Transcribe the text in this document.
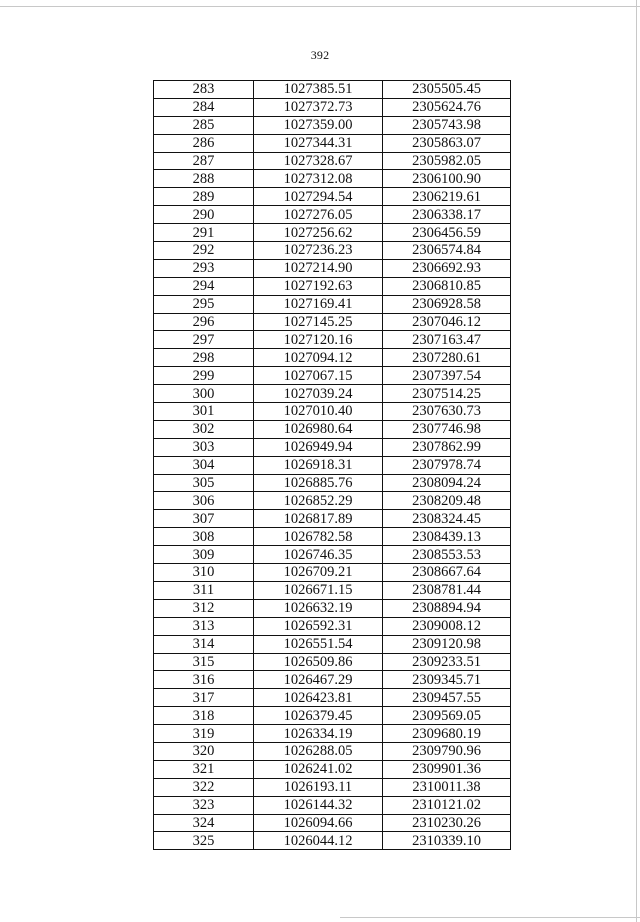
392
283	1027385.51	2305505.45
284	1027372.73	2305624.76
285	1027359.00	2305743.98
286	1027344.31	2305863.07
287	1027328.67	2305982.05
288	1027312.08	2306100.90
289	1027294.54	2306219.61
290	1027276.05	2306338.17
291	1027256.62	2306456.59
292	1027236.23	2306574.84
293	1027214.90	2306692.93
294	1027192.63	2306810.85
295	1027169.41	2306928.58
296	1027145.25	2307046.12
297	1027120.16	2307163.47
298	1027094.12	2307280.61
299	1027067.15	2307397.54
300	1027039.24	2307514.25
301	1027010.40	2307630.73
302	1026980.64	2307746.98
303	1026949.94	2307862.99
304	1026918.31	2307978.74
305	1026885.76	2308094.24
306	1026852.29	2308209.48
307	1026817.89	2308324.45
308	1026782.58	2308439.13
309	1026746.35	2308553.53
310	1026709.21	2308667.64
311	1026671.15	2308781.44
312	1026632.19	2308894.94
313	1026592.31	2309008.12
314	1026551.54	2309120.98
315	1026509.86	2309233.51
316	1026467.29	2309345.71
317	1026423.81	2309457.55
318	1026379.45	2309569.05
319	1026334.19	2309680.19
320	1026288.05	2309790.96
321	1026241.02	2309901.36
322	1026193.11	2310011.38
323	1026144.32	2310121.02
324	1026094.66	2310230.26
325	1026044.12	2310339.10
